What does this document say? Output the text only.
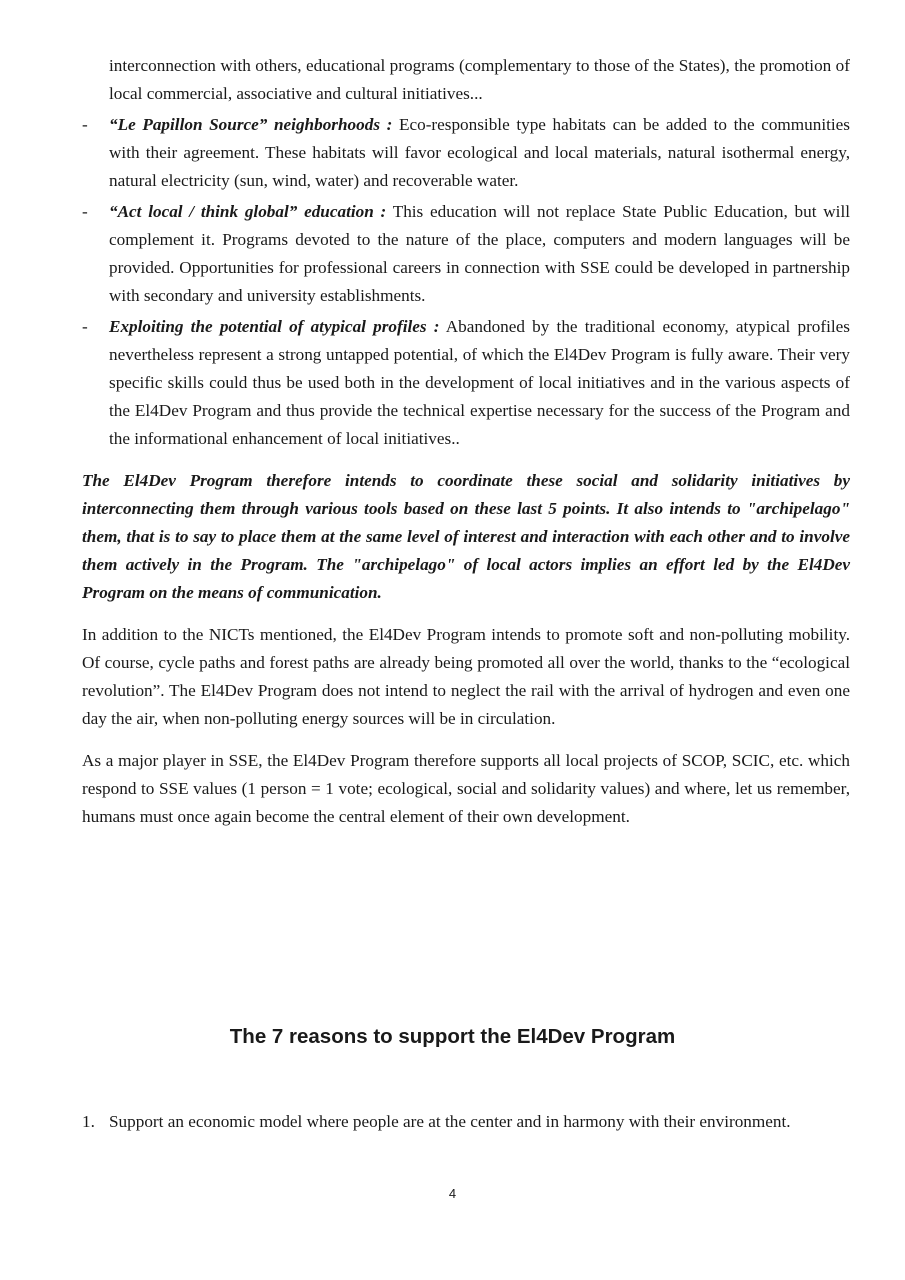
interconnection with others, educational programs (complementary to those of the States), the promotion of local commercial, associative and cultural initiatives...
- “Le Papillon Source” neighborhoods : Eco-responsible type habitats can be added to the communities with their agreement. These habitats will favor ecological and local materials, natural isothermal energy, natural electricity (sun, wind, water) and recoverable water.
- “Act local / think global” education : This education will not replace State Public Education, but will complement it. Programs devoted to the nature of the place, computers and modern languages will be provided. Opportunities for professional careers in connection with SSE could be developed in partnership with secondary and university establishments.
- Exploiting the potential of atypical profiles : Abandoned by the traditional economy, atypical profiles nevertheless represent a strong untapped potential, of which the El4Dev Program is fully aware. Their very specific skills could thus be used both in the development of local initiatives and in the various aspects of the El4Dev Program and thus provide the technical expertise necessary for the success of the Program and the informational enhancement of local initiatives..

The El4Dev Program therefore intends to coordinate these social and solidarity initiatives by interconnecting them through various tools based on these last 5 points. It also intends to "archipelago" them, that is to say to place them at the same level of interest and interaction with each other and to involve them actively in the Program. The "archipelago" of local actors implies an effort led by the El4Dev Program on the means of communication.

In addition to the NICTs mentioned, the El4Dev Program intends to promote soft and non-polluting mobility. Of course, cycle paths and forest paths are already being promoted all over the world, thanks to the “ecological revolution”. The El4Dev Program does not intend to neglect the rail with the arrival of hydrogen and even one day the air, when non-polluting energy sources will be in circulation.

As a major player in SSE, the El4Dev Program therefore supports all local projects of SCOP, SCIC, etc. which respond to SSE values (1 person = 1 vote; ecological, social and solidarity values) and where, let us remember, humans must once again become the central element of their own development.

The 7 reasons to support the El4Dev Program
1. Support an economic model where people are at the center and in harmony with their environment.
4
